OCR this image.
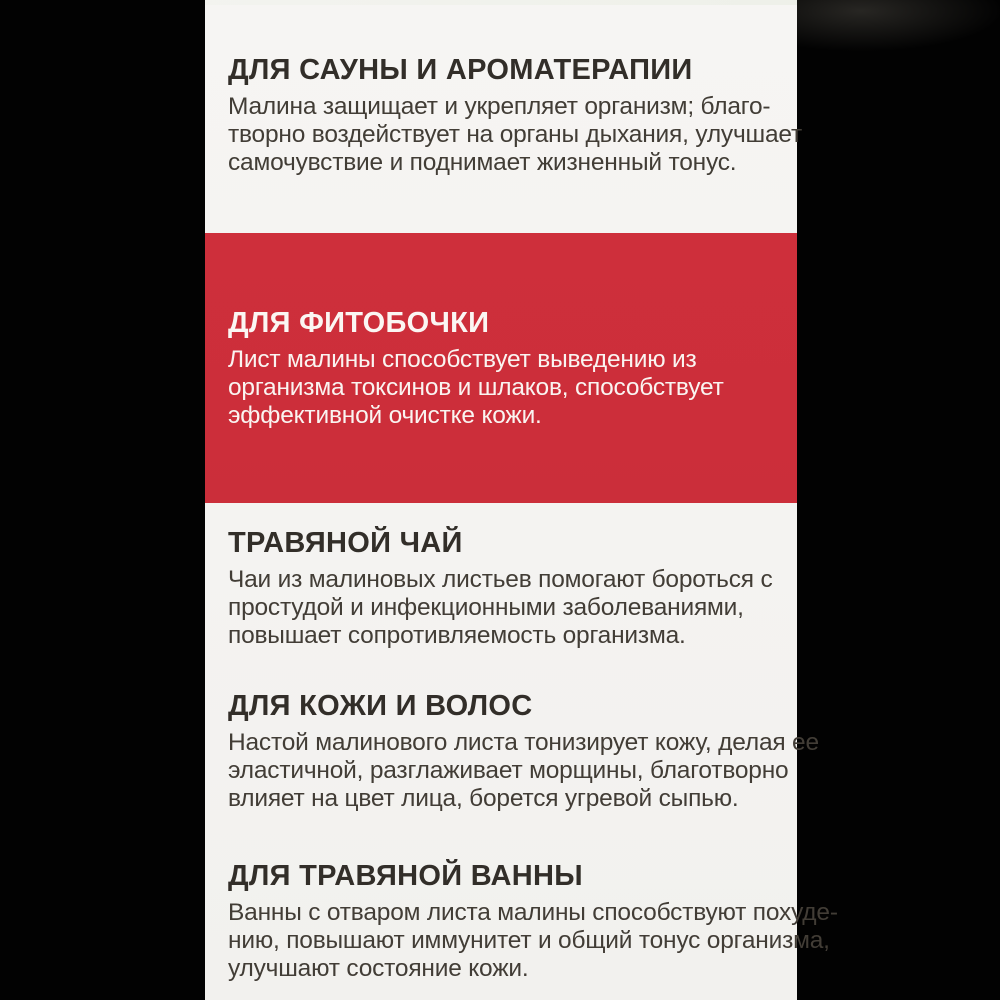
ДЛЯ САУНЫ И АРОМАТЕРАПИИ
Малина защищает и укрепляет организм; благо-
творно воздействует на органы дыхания, улучшает
самочувствие и поднимает жизненный тонус.
ДЛЯ ФИТОБОЧКИ
Лист малины способствует выведению из
организма токсинов и шлаков, способствует
эффективной очистке кожи.
ТРАВЯНОЙ ЧАЙ
Чаи из малиновых листьев помогают бороться с
простудой и инфекционными заболеваниями,
повышает сопротивляемость организма.
ДЛЯ КОЖИ И ВОЛОС
Настой малинового листа тонизирует кожу, делая ее
эластичной, разглаживает морщины, благотворно
влияет на цвет лица, борется угревой сыпью.
ДЛЯ ТРАВЯНОЙ ВАННЫ
Ванны с отваром листа малины способствуют похуде-
нию, повышают иммунитет и общий тонус организма,
улучшают состояние кожи.
